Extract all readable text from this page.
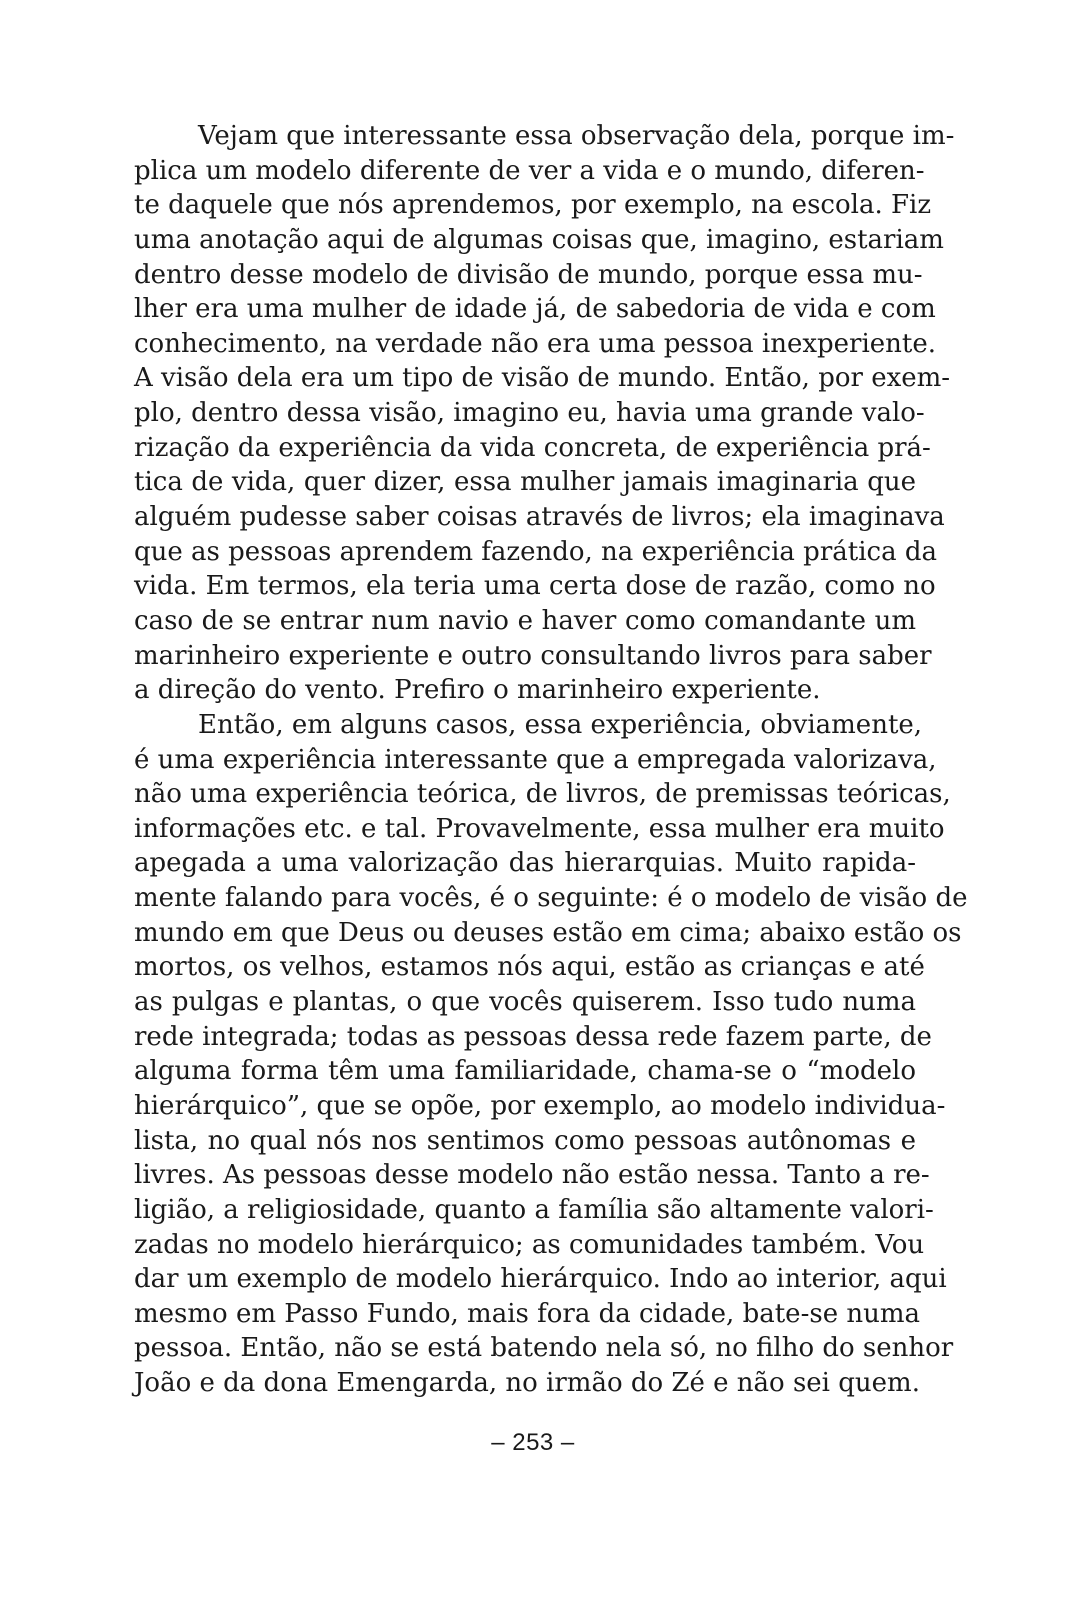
Vejam que interessante essa observação dela, porque im-
plica um modelo diferente de ver a vida e o mundo, diferen-
te daquele que nós aprendemos, por exemplo, na escola. Fiz
uma anotação aqui de algumas coisas que, imagino, estariam
dentro desse modelo de divisão de mundo, porque essa mu-
lher era uma mulher de idade já, de sabedoria de vida e com
conhecimento, na verdade não era uma pessoa inexperiente.
A visão dela era um tipo de visão de mundo. Então, por exem-
plo, dentro dessa visão, imagino eu, havia uma grande valo-
rização da experiência da vida concreta, de experiência prá-
tica de vida, quer dizer, essa mulher jamais imaginaria que
alguém pudesse saber coisas através de livros; ela imaginava
que as pessoas aprendem fazendo, na experiência prática da
vida. Em termos, ela teria uma certa dose de razão, como no
caso de se entrar num navio e haver como comandante um
marinheiro experiente e outro consultando livros para saber
a direção do vento. Prefiro o marinheiro experiente.
Então, em alguns casos, essa experiência, obviamente,
é uma experiência interessante que a empregada valorizava,
não uma experiência teórica, de livros, de premissas teóricas,
informações etc. e tal. Provavelmente, essa mulher era muito
apegada a uma valorização das hierarquias. Muito rapida-
mente falando para vocês, é o seguinte: é o modelo de visão de
mundo em que Deus ou deuses estão em cima; abaixo estão os
mortos, os velhos, estamos nós aqui, estão as crianças e até
as pulgas e plantas, o que vocês quiserem. Isso tudo numa
rede integrada; todas as pessoas dessa rede fazem parte, de
alguma forma têm uma familiaridade, chama-se o “modelo
hierárquico”, que se opõe, por exemplo, ao modelo individua-
lista, no qual nós nos sentimos como pessoas autônomas e
livres. As pessoas desse modelo não estão nessa. Tanto a re-
ligião, a religiosidade, quanto a família são altamente valori-
zadas no modelo hierárquico; as comunidades também. Vou
dar um exemplo de modelo hierárquico. Indo ao interior, aqui
mesmo em Passo Fundo, mais fora da cidade, bate-se numa
pessoa. Então, não se está batendo nela só, no filho do senhor
João e da dona Emengarda, no irmão do Zé e não sei quem.
– 253 –
